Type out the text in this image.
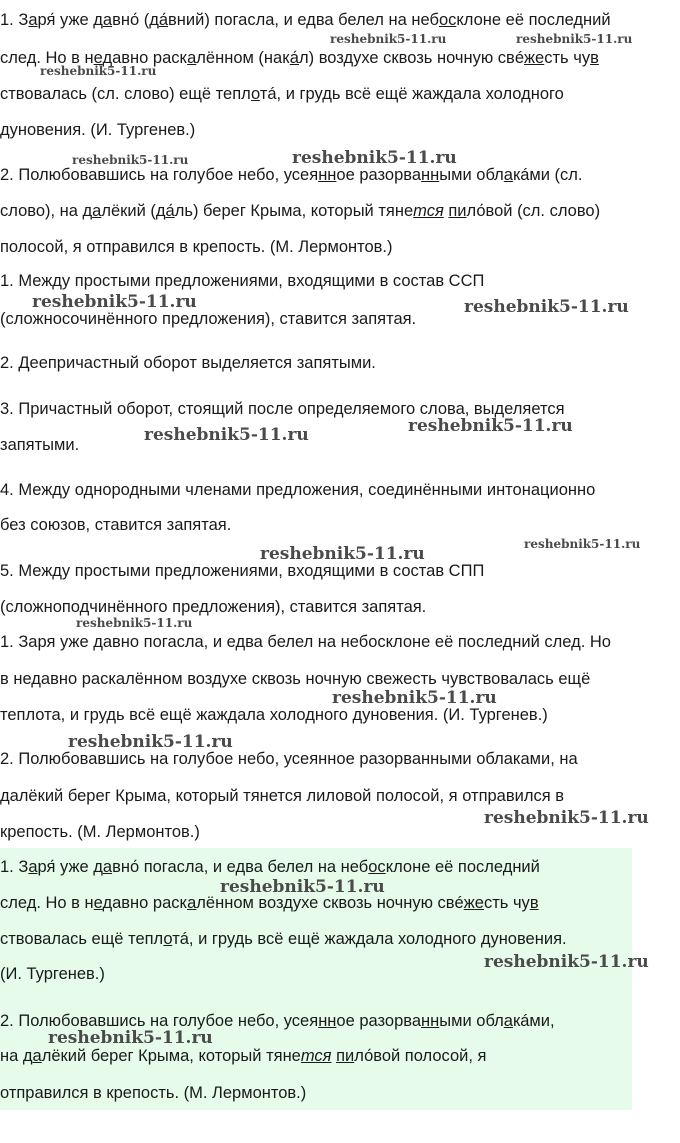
1. Заря́ уже давно́ (да́вний) погасла, и едва белел на небосклоне её последний
след. Но в недавно раскалённом (нака́л) воздухе сквозь ночную свéжесть чув
ствовалась (сл. слово) ещё теплотá, и грудь всё ещё жаждала холодного
дуновения. (И. Тургенев.)
2. Полюбовавшись на голубое небо, усеянное разорванными облакáми (сл.
слово), на далёкий (да́ль) берег Крыма, который тянется пило́вой (сл. слово)
полосой, я отправился в крепость. (М. Лермонтов.)
1. Между простыми предложениями, входящими в состав ССП
(сложносочинённого предложения), ставится запятая.
2. Деепричастный оборот выделяется запятыми.
3. Причастный оборот, стоящий после определяемого слова, выделяется
запятыми.
4. Между однородными членами предложения, соединёнными интонационно
без союзов, ставится запятая.
5. Между простыми предложениями, входящими в состав СПП
(сложноподчинённого предложения), ставится запятая.
1. Заря уже давно погасла, и едва белел на небосклоне её последний след. Но
в недавно раскалённом воздухе сквозь ночную свежесть чувствовалась ещё
теплота, и грудь всё ещё жаждала холодного дуновения. (И. Тургенев.)
2. Полюбовавшись на голубое небо, усеянное разорванными облаками, на
далёкий берег Крыма, который тянется лиловой полосой, я отправился в
крепость. (М. Лермонтов.)
1. Заря́ уже давно́ погасла, и едва белел на небосклоне её последний
след. Но в недавно раскалённом воздухе сквозь ночную свéжесть чув
ствовалась ещё теплотá, и грудь всё ещё жаждала холодного дуновения.
(И. Тургенев.)
2. Полюбовавшись на голубое небо, усеянное разорванными облакáми,
на далёкий берег Крыма, который тянется пило́вой полосой, я
отправился в крепость. (М. Лермонтов.)
reshebnik5-11.ru	reshebnik5-11.ru
reshebnik5-11.ru
reshebnik5-11.ru	reshebnik5-11.ru
reshebnik5-11.ru	reshebnik5-11.ru
reshebnik5-11.ru	reshebnik5-11.ru
reshebnik5-11.ru
reshebnik5-11.ru
reshebnik5-11.ru
reshebnik5-11.ru
reshebnik5-11.ru
reshebnik5-11.ru
reshebnik5-11.ru
reshebnik5-11.ru
reshebnik5-11.ru
